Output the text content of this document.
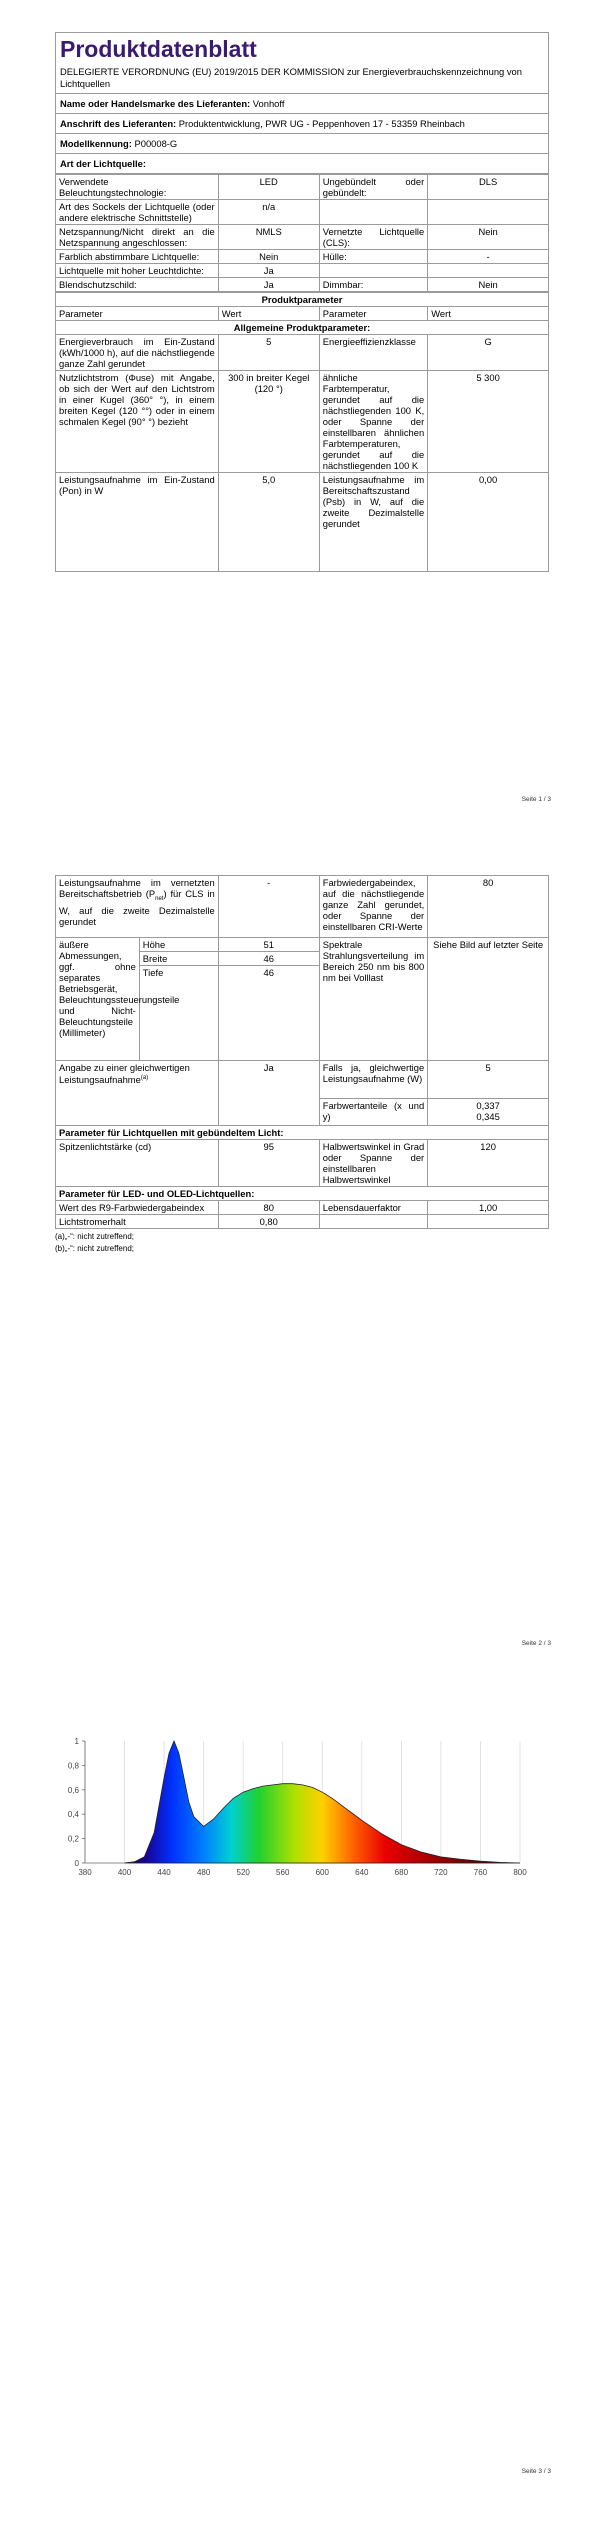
Produktdatenblatt
DELEGIERTE VERORDNUNG (EU) 2019/2015 DER KOMMISSION zur Energieverbrauchskennzeichnung von Lichtquellen
Name oder Handelsmarke des Lieferanten: Vonhoff
Anschrift des Lieferanten: Produktentwicklung, PWR UG - Peppenhoven 17 - 53359 Rheinbach
Modellkennung: P00008-G
Art der Lichtquelle:
Verwendete Beleuchtungstechnologie:	LED	Ungebündelt oder gebündelt:	DLS
Art des Sockels der Lichtquelle (oder andere elektrische Schnittstelle)	n/a		
Netzspannung/Nicht direkt an die Netzspannung angeschlossen:	NMLS	Vernetzte Lichtquelle (CLS):	Nein
Farblich abstimmbare Lichtquelle:	Nein	Hülle:	-
Lichtquelle mit hoher Leuchtdichte:	Ja		
Blendschutzschild:	Ja	Dimmbar:	Nein
Produktparameter			
Parameter	Wert	Parameter	Wert
Allgemeine Produktparameter:			
Energieverbrauch im Ein-Zustand (kWh/1000 h), auf die nächstliegende ganze Zahl gerundet	5	Energieeffizienzklasse	G
Nutzlichtstrom (Φuse) mit Angabe, ob sich der Wert auf den Lichtstrom in einer Kugel (360° °), in einem breiten Kegel (120 °°) oder in einem schmalen Kegel (90° °) bezieht	300 in breiter Kegel (120 °)	ähnliche Farbtemperatur, gerundet auf die nächstliegenden 100 K, oder Spanne der einstellbaren ähnlichen Farbtemperaturen, gerundet auf die nächstliegenden 100 K	5 300
Leistungsaufnahme im Ein-Zustand (Pon) in W	5,0	Leistungsaufnahme im Bereitschaftszustand (Psb) in W, auf die zweite Dezimalstelle gerundet	0,00
Seite 1 / 3
Leistungsaufnahme im vernetzten Bereitschaftsbetrieb $(P_{net})$ für CLS in W, auf die zweite Dezimalstelle gerundet		-	Farbwiedergabeindex, auf die nächstliegende ganze Zahl gerundet, oder Spanne der einstellbaren CRI-Werte	80
äußere Abmessungen, ggf. ohne separates Betriebsgerät, Beleuchtungssteuerungsteile und Nicht-Beleuchtungsteile (Millimeter)	Höhe	51	Spektrale Strahlungsverteilung im Bereich 250 nm bis 800 nm bei Volllast	Siehe Bild auf letzter Seite
	Breite	46		
	Tiefe	46		
Angabe zu einer gleichwertigen Leistungsaufnahme$^{(a)}$		Ja	Falls ja, gleichwertige Leistungsaufnahme (W)	5
			Farbwertanteile (x und y)	0,337
0,345

Parameter für Lichtquellen mit gebündeltem Licht:				
Spitzenlichtstärke (cd)		95	Halbwertswinkel in Grad oder Spanne der einstellbaren Halbwertswinkel	120
Parameter für LED- und OLED-Lichtquellen:				
Wert des R9-Farbwiedergabeindex		80	Lebensdauerfaktor	1,00
Lichtstromerhalt		0,80		
(a)„-“: nicht zutreffend;
(b)„-“: nicht zutreffend;
Seite 2 / 3
Seite 3 / 3
380	400	440	480	520	560	600	640	680	720	760	800
0
0,2
0,4
0,6
0,8
1
